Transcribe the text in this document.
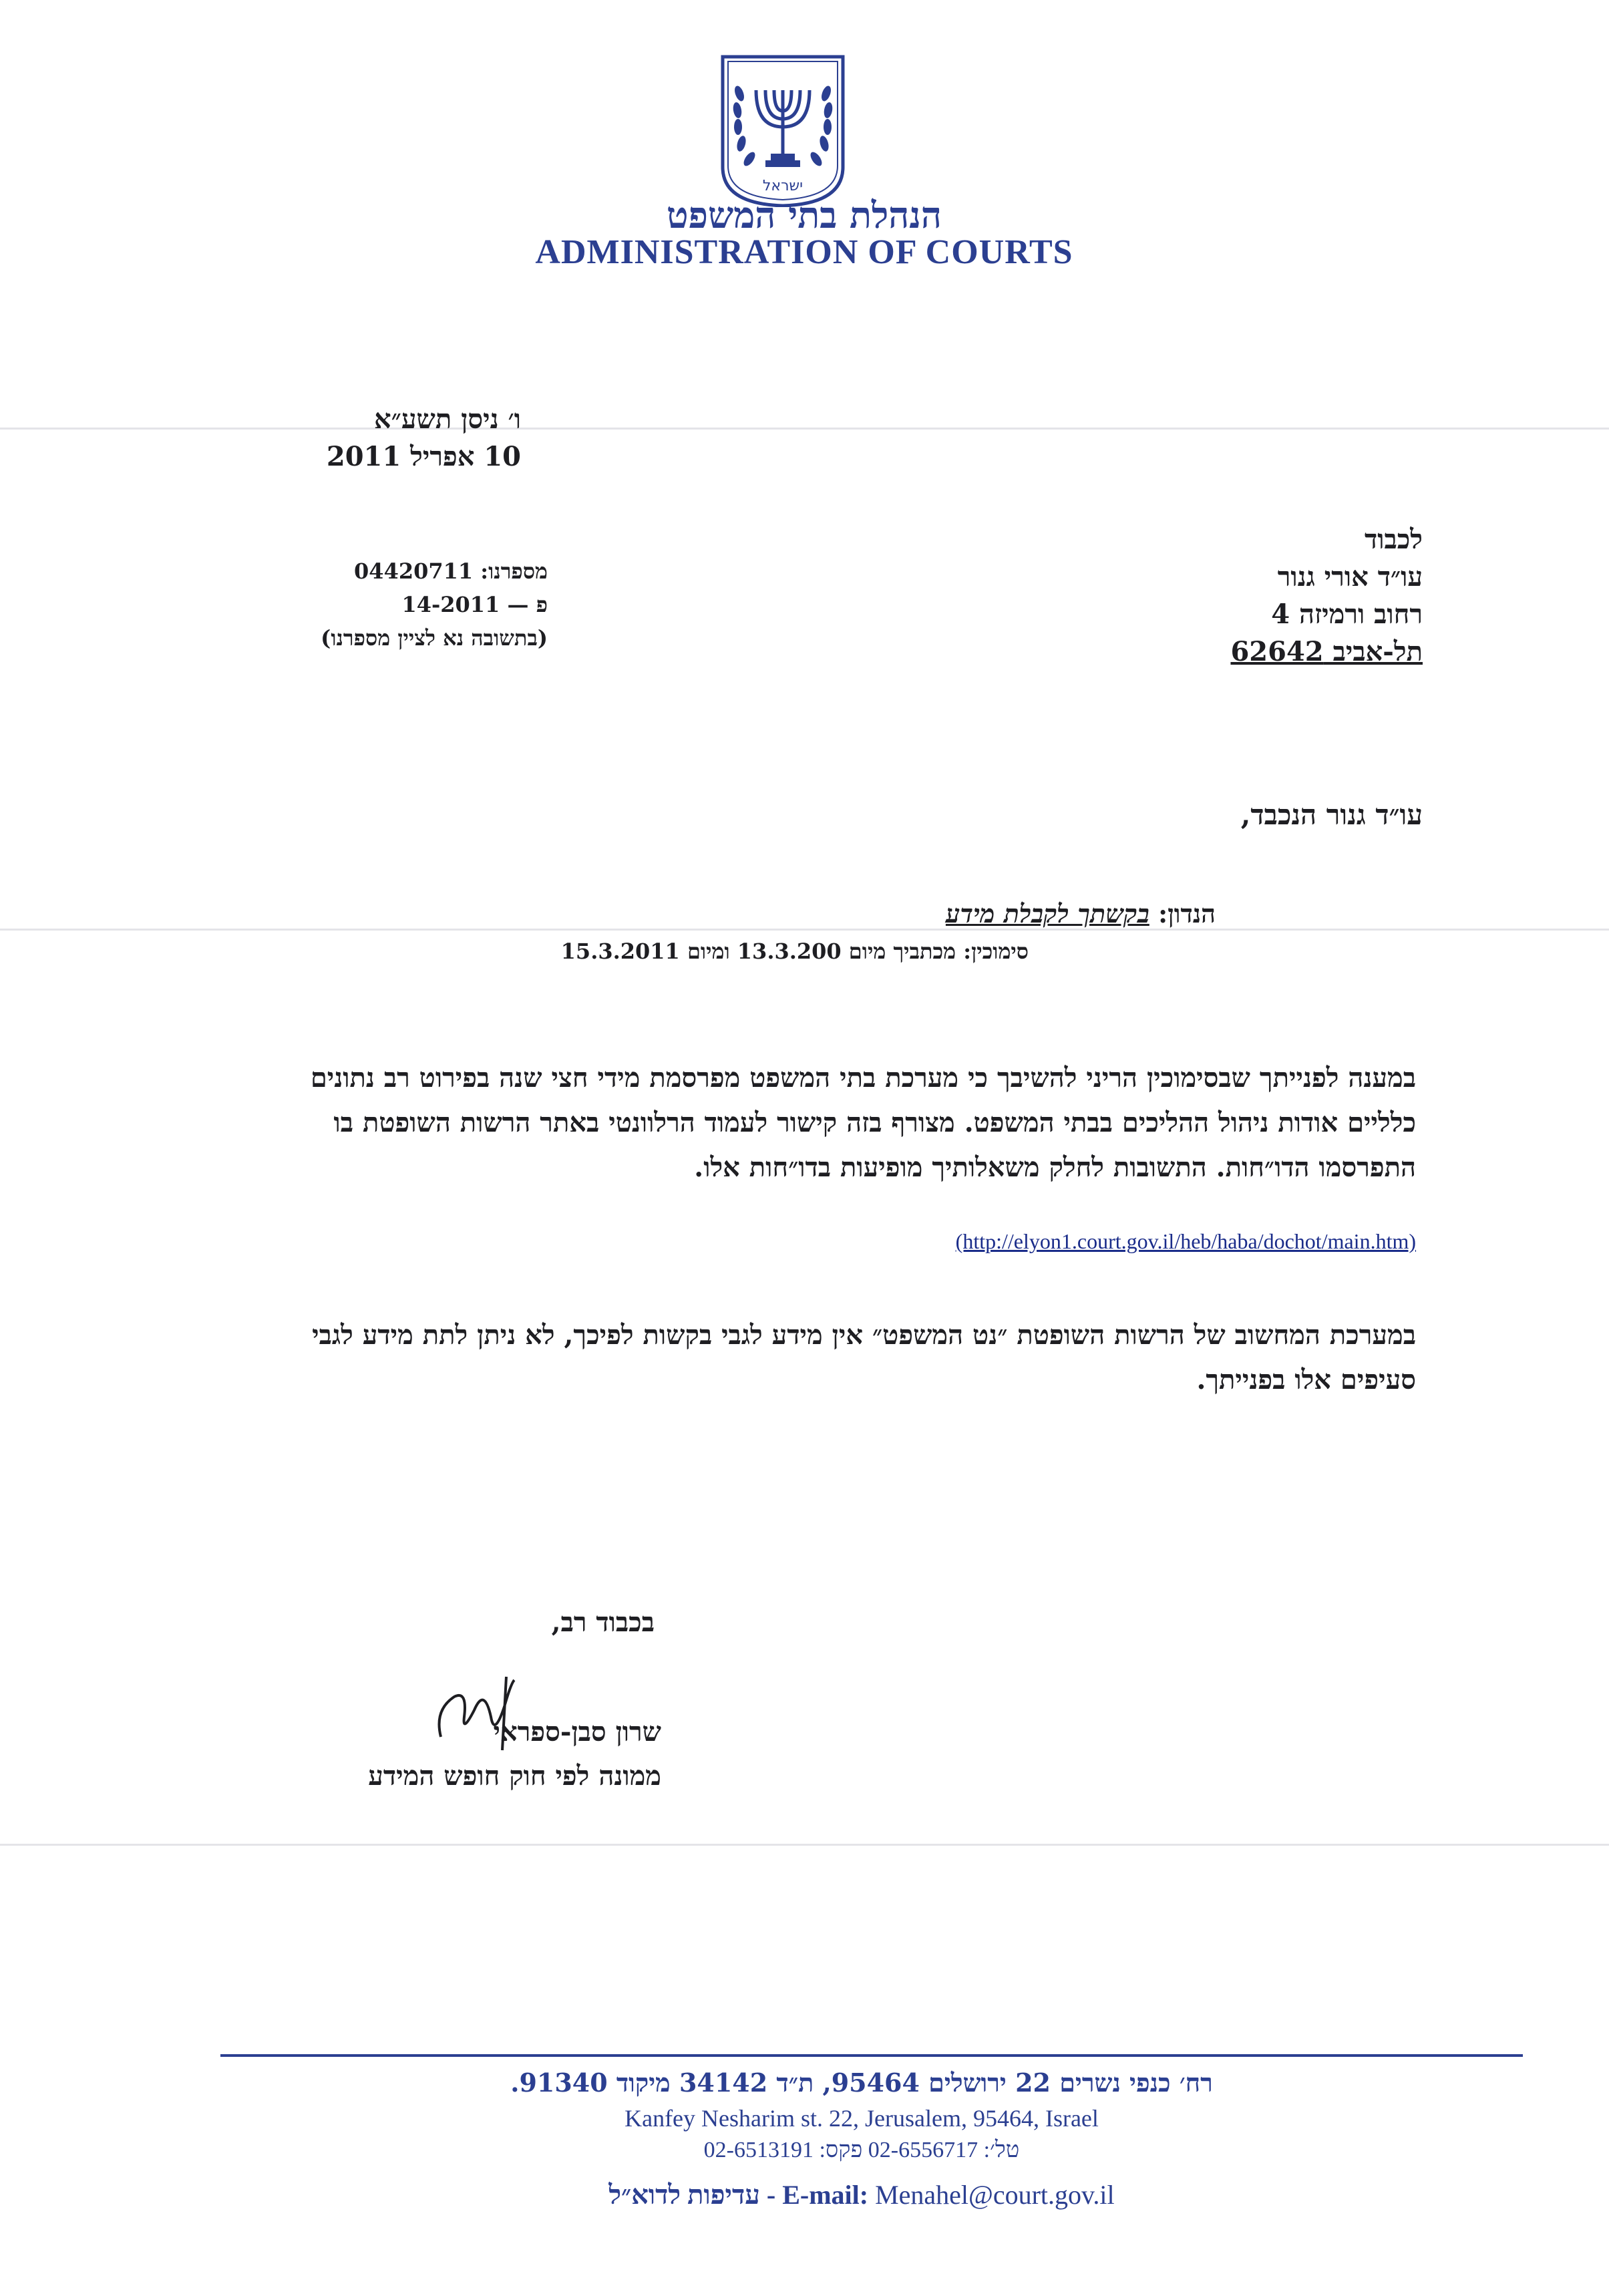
ישראל
הנהלת בתי המשפט
ADMINISTRATION OF COURTS
ו׳ ניסן תשע״א
10 אפריל 2011
מספרנו: 04420711
פ — 14-2011
(בתשובה נא לציין מספרנו)
לכבוד
עו״ד אורי גנור
רחוב ורמיזה 4
תל-אביב 62642
עו״ד גנור הנכבד,
הנדון: בקשתך לקבלת מידע
סימוכין: מכתביך מיום 13.3.200 ומיום 15.3.2011
במענה לפנייתך שבסימוכין הריני להשיבך כי מערכת בתי המשפט מפרסמת מידי חצי שנה בפירוט רב נתונים כלליים אודות ניהול ההליכים בבתי המשפט. מצורף בזה קישור לעמוד הרלוונטי באתר הרשות השופטת בו התפרסמו הדו״חות. התשובות לחלק משאלותיך מופיעות בדו״חות אלו.
(http://elyon1.court.gov.il/heb/haba/dochot/main.htm)
במערכת המחשוב של הרשות השופטת ״נט המשפט״ אין מידע לגבי בקשות לפיכך, לא ניתן לתת מידע לגבי סעיפים אלו בפנייתך.
בכבוד רב,
שרון סבן-ספראי
ממונה לפי חוק חופש המידע
רח׳ כנפי נשרים 22 ירושלים 95464, ת״ד 34142 מיקוד 91340.
Kanfey Nesharim st. 22, Jerusalem, 95464, Israel
טל׳: 02-6556717 פקס: 02-6513191
עדיפות לדוא״ל - E-mail: Menahel@court.gov.il
